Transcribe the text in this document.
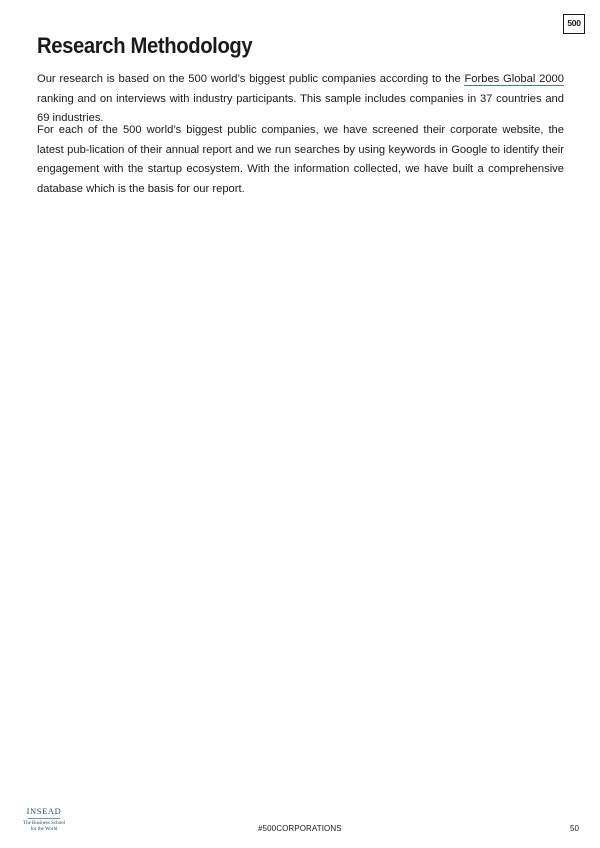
500
Research Methodology

Our research is based on the 500 world’s biggest public companies according to the Forbes Global 2000 ranking and on interviews with industry participants. This sample includes companies in 37 countries and 69 industries.

For each of the 500 world’s biggest public companies, we have screened their corporate website, the latest pub-lication of their annual report and we run searches by using keywords in Google to identify their engagement with the startup ecosystem. With the information collected, we have built a comprehensive database which is the basis for our report.

INSEAD
The Business School
for the World	#500CORPORATIONS	50
